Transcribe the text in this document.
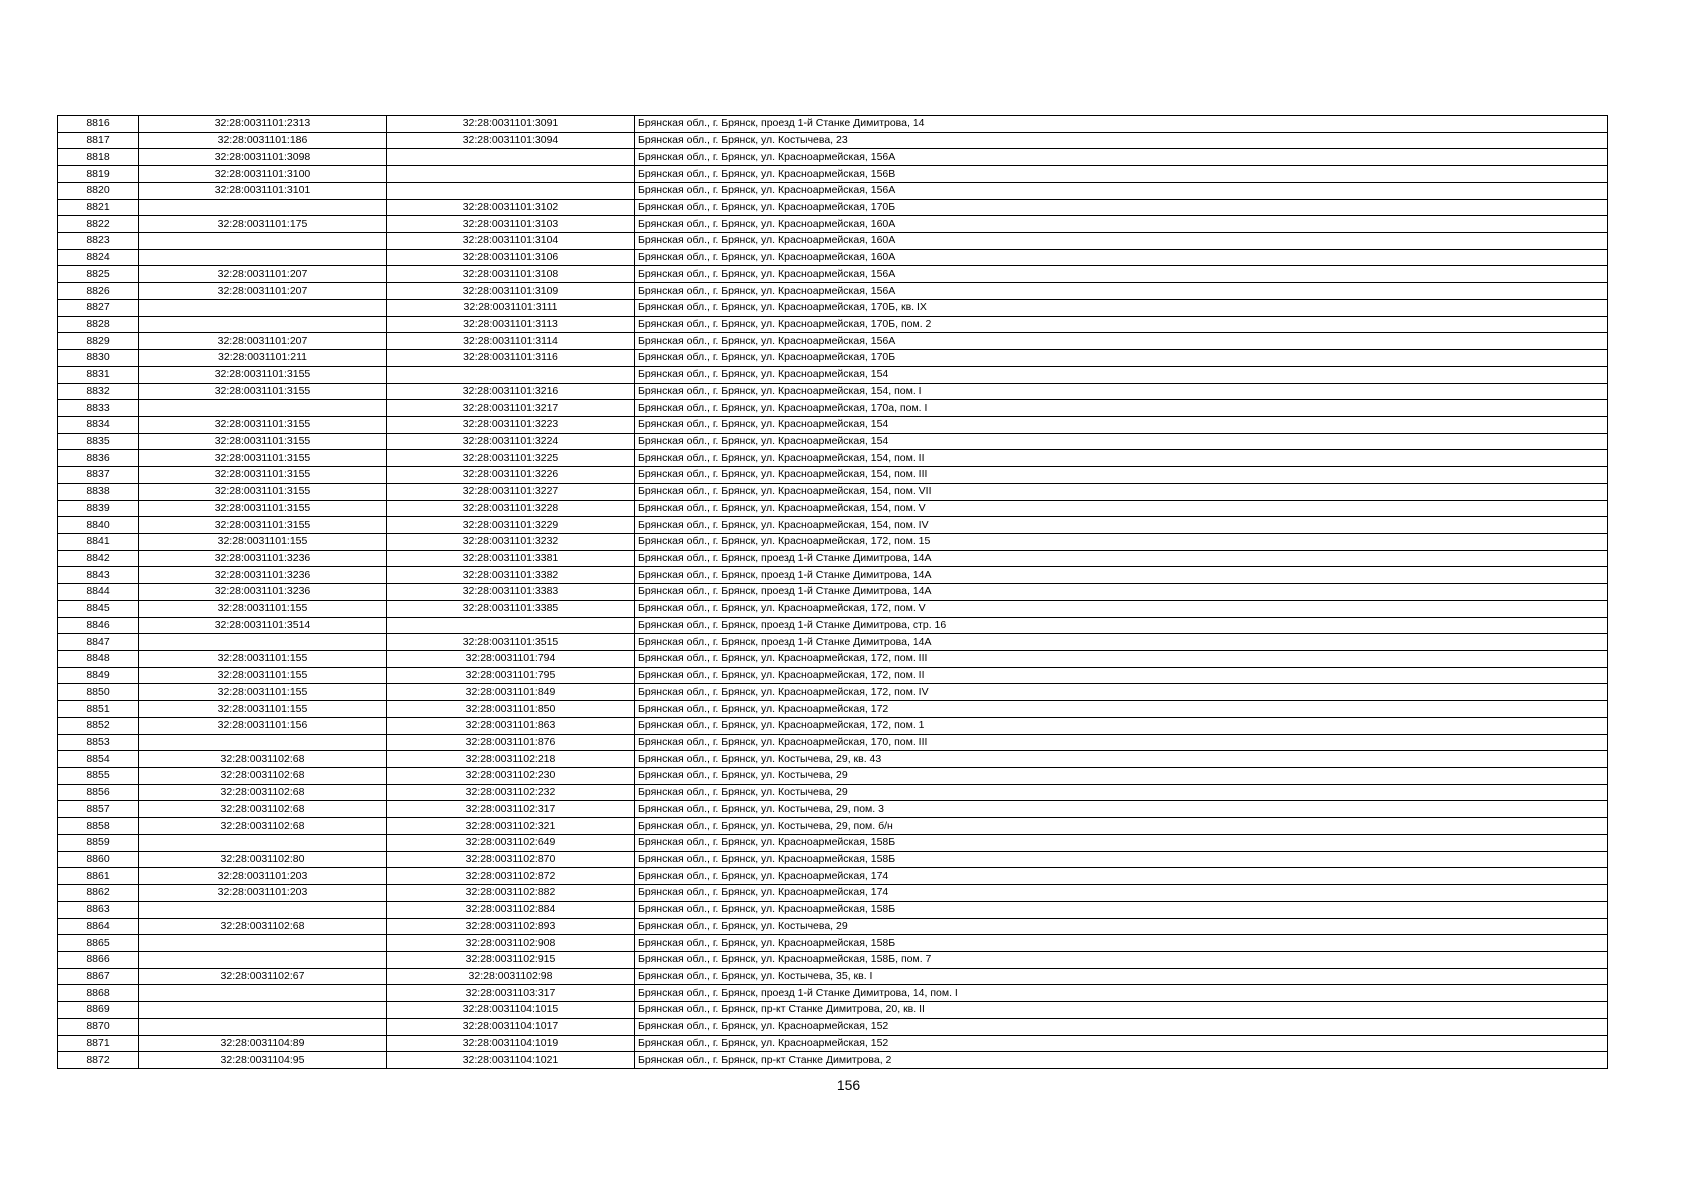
8816	32:28:0031101:2313	32:28:0031101:3091	Брянская обл., г. Брянск, проезд 1-й Станке Димитрова, 14
8817	32:28:0031101:186	32:28:0031101:3094	Брянская обл., г. Брянск, ул. Костычева, 23
8818	32:28:0031101:3098		Брянская обл., г. Брянск, ул. Красноармейская, 156А
8819	32:28:0031101:3100		Брянская обл., г. Брянск, ул. Красноармейская, 156В
8820	32:28:0031101:3101		Брянская обл., г. Брянск, ул. Красноармейская, 156А
8821		32:28:0031101:3102	Брянская обл., г. Брянск, ул. Красноармейская, 170Б
8822	32:28:0031101:175	32:28:0031101:3103	Брянская обл., г. Брянск, ул. Красноармейская, 160А
8823		32:28:0031101:3104	Брянская обл., г. Брянск, ул. Красноармейская, 160А
8824		32:28:0031101:3106	Брянская обл., г. Брянск, ул. Красноармейская, 160А
8825	32:28:0031101:207	32:28:0031101:3108	Брянская обл., г. Брянск, ул. Красноармейская, 156А
8826	32:28:0031101:207	32:28:0031101:3109	Брянская обл., г. Брянск, ул. Красноармейская, 156А
8827		32:28:0031101:3111	Брянская обл., г. Брянск, ул. Красноармейская, 170Б, кв. IX
8828		32:28:0031101:3113	Брянская обл., г. Брянск, ул. Красноармейская, 170Б, пом. 2
8829	32:28:0031101:207	32:28:0031101:3114	Брянская обл., г. Брянск, ул. Красноармейская, 156А
8830	32:28:0031101:211	32:28:0031101:3116	Брянская обл., г. Брянск, ул. Красноармейская, 170Б
8831	32:28:0031101:3155		Брянская обл., г. Брянск, ул. Красноармейская, 154
8832	32:28:0031101:3155	32:28:0031101:3216	Брянская обл., г. Брянск, ул. Красноармейская, 154, пом. I
8833		32:28:0031101:3217	Брянская обл., г. Брянск, ул. Красноармейская, 170а, пом. I
8834	32:28:0031101:3155	32:28:0031101:3223	Брянская обл., г. Брянск, ул. Красноармейская, 154
8835	32:28:0031101:3155	32:28:0031101:3224	Брянская обл., г. Брянск, ул. Красноармейская, 154
8836	32:28:0031101:3155	32:28:0031101:3225	Брянская обл., г. Брянск, ул. Красноармейская, 154, пом. II
8837	32:28:0031101:3155	32:28:0031101:3226	Брянская обл., г. Брянск, ул. Красноармейская, 154, пом. III
8838	32:28:0031101:3155	32:28:0031101:3227	Брянская обл., г. Брянск, ул. Красноармейская, 154, пом. VII
8839	32:28:0031101:3155	32:28:0031101:3228	Брянская обл., г. Брянск, ул. Красноармейская, 154, пом. V
8840	32:28:0031101:3155	32:28:0031101:3229	Брянская обл., г. Брянск, ул. Красноармейская, 154, пом. IV
8841	32:28:0031101:155	32:28:0031101:3232	Брянская обл., г. Брянск, ул. Красноармейская, 172, пом. 15
8842	32:28:0031101:3236	32:28:0031101:3381	Брянская обл., г. Брянск, проезд 1-й Станке Димитрова, 14А
8843	32:28:0031101:3236	32:28:0031101:3382	Брянская обл., г. Брянск, проезд 1-й Станке Димитрова, 14А
8844	32:28:0031101:3236	32:28:0031101:3383	Брянская обл., г. Брянск, проезд 1-й Станке Димитрова, 14А
8845	32:28:0031101:155	32:28:0031101:3385	Брянская обл., г. Брянск, ул. Красноармейская, 172, пом. V
8846	32:28:0031101:3514		Брянская обл., г. Брянск, проезд 1-й Станке Димитрова, стр. 16
8847		32:28:0031101:3515	Брянская обл., г. Брянск, проезд 1-й Станке Димитрова, 14А
8848	32:28:0031101:155	32:28:0031101:794	Брянская обл., г. Брянск, ул. Красноармейская, 172, пом. III
8849	32:28:0031101:155	32:28:0031101:795	Брянская обл., г. Брянск, ул. Красноармейская, 172, пом. II
8850	32:28:0031101:155	32:28:0031101:849	Брянская обл., г. Брянск, ул. Красноармейская, 172, пом. IV
8851	32:28:0031101:155	32:28:0031101:850	Брянская обл., г. Брянск, ул. Красноармейская, 172
8852	32:28:0031101:156	32:28:0031101:863	Брянская обл., г. Брянск, ул. Красноармейская, 172, пом. 1
8853		32:28:0031101:876	Брянская обл., г. Брянск, ул. Красноармейская, 170, пом. III
8854	32:28:0031102:68	32:28:0031102:218	Брянская обл., г. Брянск, ул. Костычева, 29, кв. 43
8855	32:28:0031102:68	32:28:0031102:230	Брянская обл., г. Брянск, ул. Костычева, 29
8856	32:28:0031102:68	32:28:0031102:232	Брянская обл., г. Брянск, ул. Костычева, 29
8857	32:28:0031102:68	32:28:0031102:317	Брянская обл., г. Брянск, ул. Костычева, 29, пом. 3
8858	32:28:0031102:68	32:28:0031102:321	Брянская обл., г. Брянск, ул. Костычева, 29, пом. б/н
8859		32:28:0031102:649	Брянская обл., г. Брянск, ул. Красноармейская, 158Б
8860	32:28:0031102:80	32:28:0031102:870	Брянская обл., г. Брянск, ул. Красноармейская, 158Б
8861	32:28:0031101:203	32:28:0031102:872	Брянская обл., г. Брянск, ул. Красноармейская, 174
8862	32:28:0031101:203	32:28:0031102:882	Брянская обл., г. Брянск, ул. Красноармейская, 174
8863		32:28:0031102:884	Брянская обл., г. Брянск, ул. Красноармейская, 158Б
8864	32:28:0031102:68	32:28:0031102:893	Брянская обл., г. Брянск, ул. Костычева, 29
8865		32:28:0031102:908	Брянская обл., г. Брянск, ул. Красноармейская, 158Б
8866		32:28:0031102:915	Брянская обл., г. Брянск, ул. Красноармейская, 158Б, пом. 7
8867	32:28:0031102:67	32:28:0031102:98	Брянская обл., г. Брянск, ул. Костычева, 35, кв. I
8868		32:28:0031103:317	Брянская обл., г. Брянск, проезд 1-й Станке Димитрова, 14, пом. I
8869		32:28:0031104:1015	Брянская обл., г. Брянск, пр-кт Станке Димитрова, 20, кв. II
8870		32:28:0031104:1017	Брянская обл., г. Брянск, ул. Красноармейская, 152
8871	32:28:0031104:89	32:28:0031104:1019	Брянская обл., г. Брянск, ул. Красноармейская, 152
8872	32:28:0031104:95	32:28:0031104:1021	Брянская обл., г. Брянск, пр-кт Станке Димитрова, 2
156
